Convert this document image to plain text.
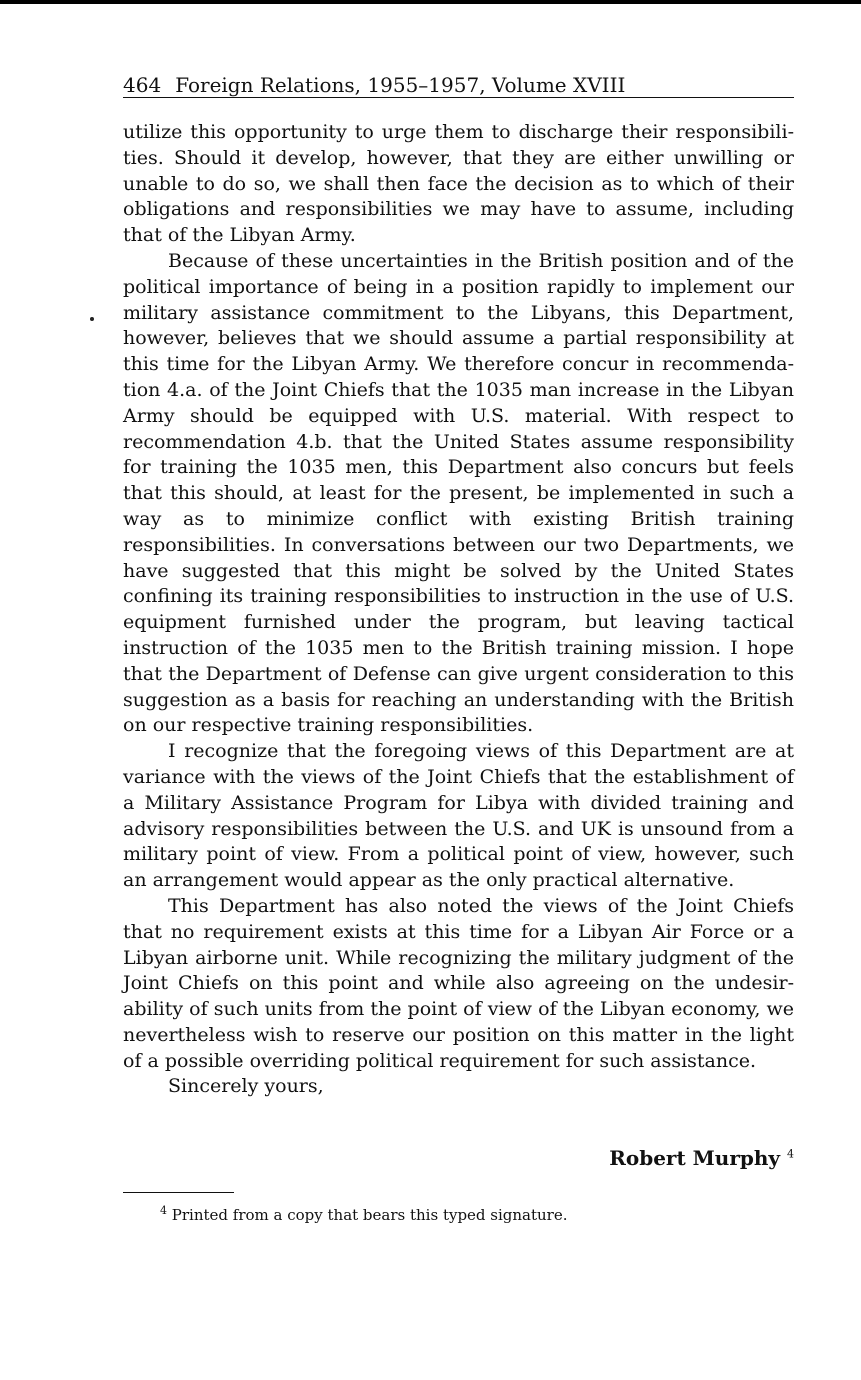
464 Foreign Relations, 1955–1957, Volume XVIII

utilize this opportunity to urge them to discharge their responsibilities. Should it develop, however, that they are either unwilling or unable to do so, we shall then face the decision as to which of their obligations and responsibilities we may have to assume, including that of the Libyan Army.

Because of these uncertainties in the British position and of the political importance of being in a position rapidly to implement our military assistance commitment to the Libyans, this Department, however, believes that we should assume a partial responsibility at this time for the Libyan Army. We therefore concur in recommendation 4.a. of the Joint Chiefs that the 1035 man increase in the Libyan Army should be equipped with U.S. material. With respect to recommendation 4.b. that the United States assume responsibility for training the 1035 men, this Department also concurs but feels that this should, at least for the present, be implemented in such a way as to minimize conflict with existing British training responsibilities. In conversations between our two Departments, we have suggested that this might be solved by the United States confining its training responsibilities to instruction in the use of U.S. equipment furnished under the program, but leaving tactical instruction of the 1035 men to the British training mission. I hope that the Department of Defense can give urgent consideration to this suggestion as a basis for reaching an understanding with the British on our respective training responsibilities.

I recognize that the foregoing views of this Department are at variance with the views of the Joint Chiefs that the establishment of a Military Assistance Program for Libya with divided training and advisory responsibilities between the U.S. and UK is unsound from a military point of view. From a political point of view, however, such an arrangement would appear as the only practical alternative.

This Department has also noted the views of the Joint Chiefs that no requirement exists at this time for a Libyan Air Force or a Libyan airborne unit. While recognizing the military judgment of the Joint Chiefs on this point and while also agreeing on the undesirability of such units from the point of view of the Libyan economy, we nevertheless wish to reserve our position on this matter in the light of a possible overriding political requirement for such assistance.

Sincerely yours,

Robert Murphy $^4$
$^4$ Printed from a copy that bears this typed signature.
